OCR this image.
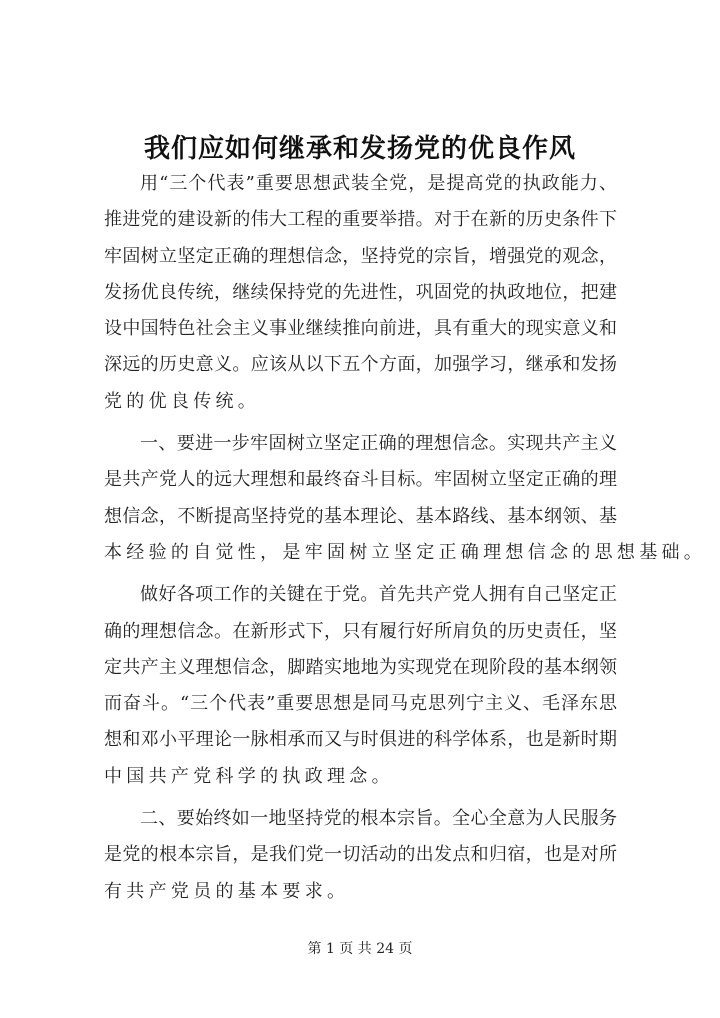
我们应如何继承和发扬党的优良作风
用“三个代表”重要思想武装全党，是提高党的执政能力、
推进党的建设新的伟大工程的重要举措。对于在新的历史条件下
牢固树立坚定正确的理想信念，坚持党的宗旨，增强党的观念，
发扬优良传统，继续保持党的先进性，巩固党的执政地位，把建
设中国特色社会主义事业继续推向前进，具有重大的现实意义和
深远的历史意义。应该从以下五个方面，加强学习，继承和发扬
党的优良传统。
一、要进一步牢固树立坚定正确的理想信念。实现共产主义
是共产党人的远大理想和最终奋斗目标。牢固树立坚定正确的理
想信念，不断提高坚持党的基本理论、基本路线、基本纲领、基
本经验的自觉性，是牢固树立坚定正确理想信念的思想基础。
做好各项工作的关键在于党。首先共产党人拥有自己坚定正
确的理想信念。在新形式下，只有履行好所肩负的历史责任，坚
定共产主义理想信念，脚踏实地地为实现党在现阶段的基本纲领
而奋斗。“三个代表”重要思想是同马克思列宁主义、毛泽东思
想和邓小平理论一脉相承而又与时俱进的科学体系，也是新时期
中国共产党科学的执政理念。
二、要始终如一地坚持党的根本宗旨。全心全意为人民服务
是党的根本宗旨，是我们党一切活动的出发点和归宿，也是对所
有共产党员的基本要求。
第 1 页 共 24 页
